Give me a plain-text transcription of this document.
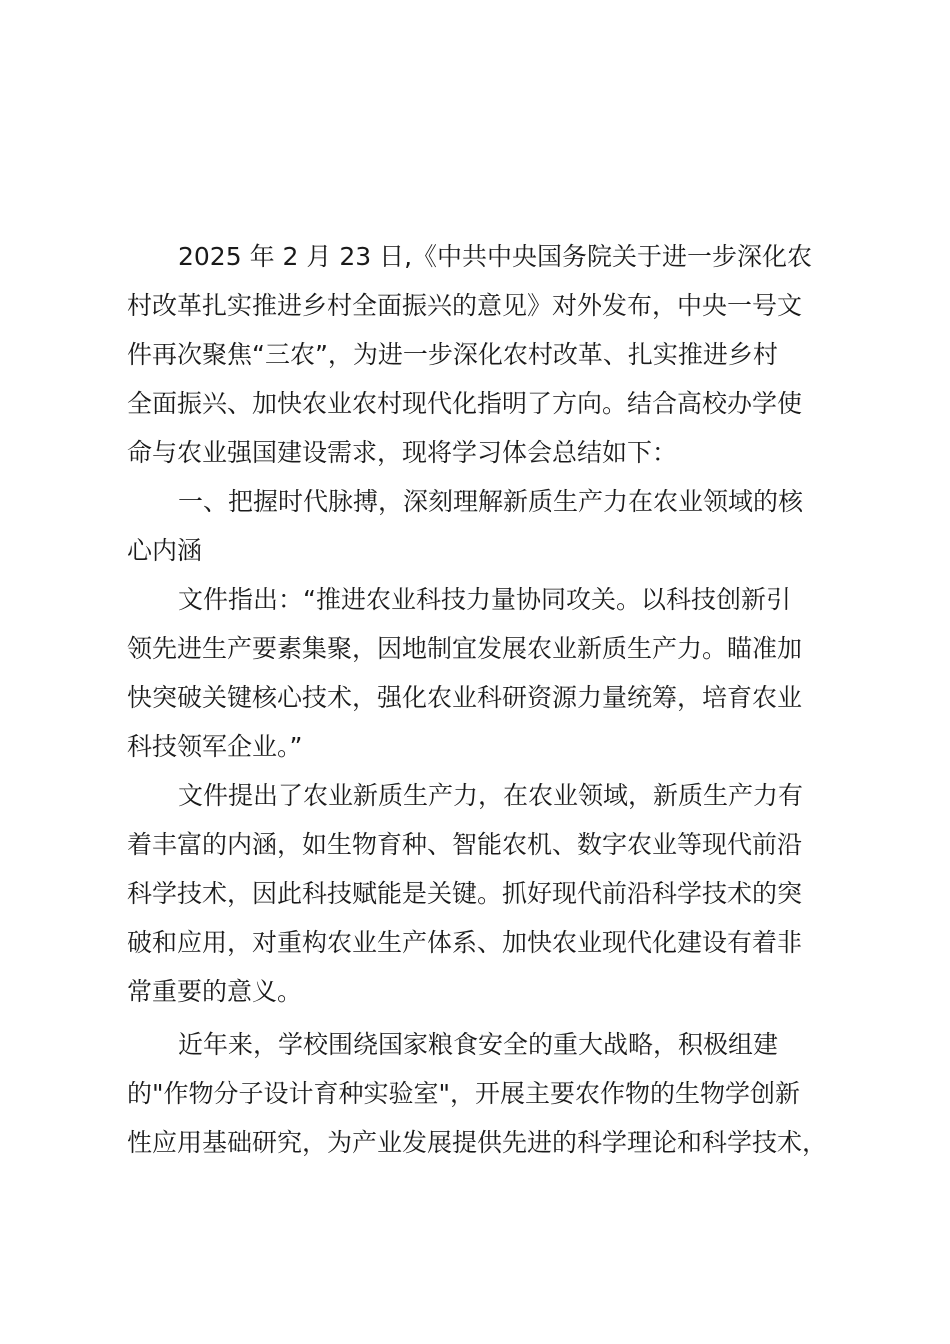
2025 年 2 月 23 日,《中共中央国务院关于进一步深化农
村改革扎实推进乡村全面振兴的意见》对外发布，中央一号文
件再次聚焦“三农”，为进一步深化农村改革、扎实推进乡村
全面振兴、加快农业农村现代化指明了方向。结合高校办学使
命与农业强国建设需求，现将学习体会总结如下：
一、把握时代脉搏，深刻理解新质生产力在农业领域的核
心内涵
文件指出：“推进农业科技力量协同攻关。以科技创新引
领先进生产要素集聚，因地制宜发展农业新质生产力。瞄准加
快突破关键核心技术，强化农业科研资源力量统筹，培育农业
科技领军企业。”
文件提出了农业新质生产力，在农业领域，新质生产力有
着丰富的内涵，如生物育种、智能农机、数字农业等现代前沿
科学技术，因此科技赋能是关键。抓好现代前沿科学技术的突
破和应用，对重构农业生产体系、加快农业现代化建设有着非
常重要的意义。
近年来，学校围绕国家粮食安全的重大战略，积极组建
的"作物分子设计育种实验室"，开展主要农作物的生物学创新
性应用基础研究，为产业发展提供先进的科学理论和科学技术，
